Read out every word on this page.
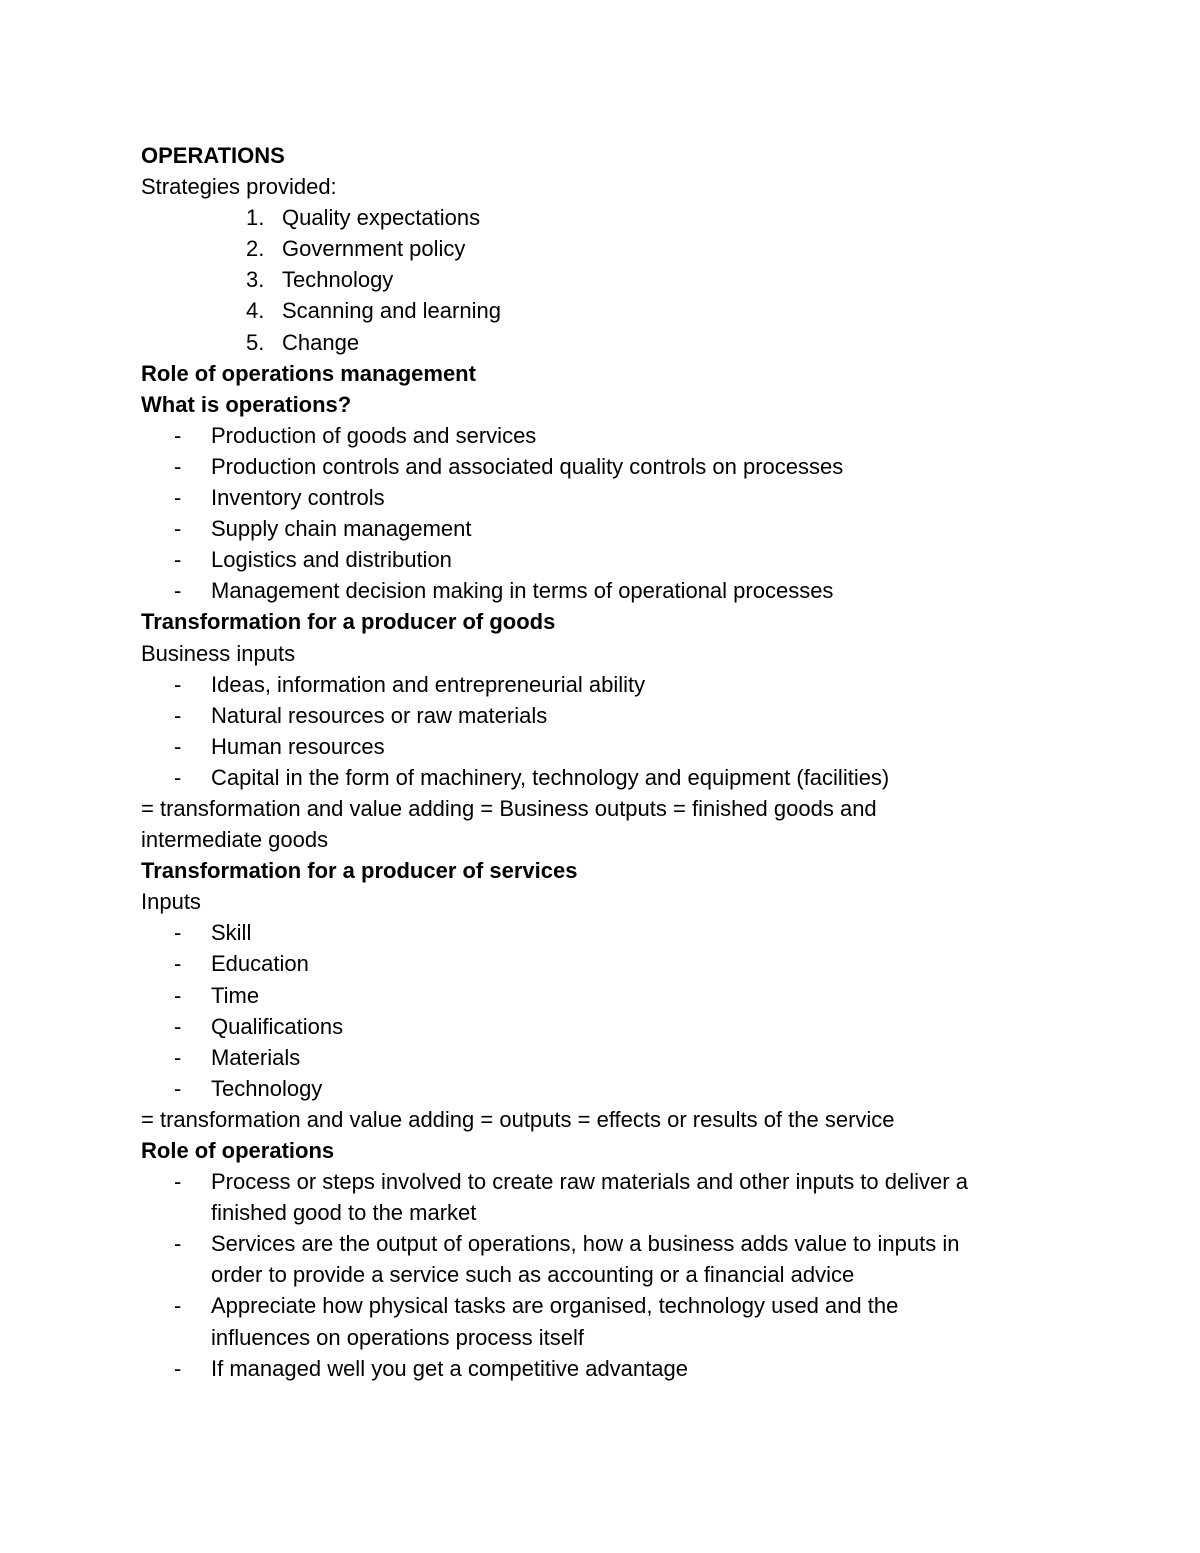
OPERATIONS

Strategies provided:

1. Quality expectations
2. Government policy
3. Technology
4. Scanning and learning
5. Change

Role of operations management

What is operations?

- Production of goods and services
- Production controls and associated quality controls on processes
- Inventory controls
- Supply chain management
- Logistics and distribution
- Management decision making in terms of operational processes

Transformation for a producer of goods

Business inputs

- Ideas, information and entrepreneurial ability
- Natural resources or raw materials
- Human resources
- Capital in the form of machinery, technology and equipment (facilities)

= transformation and value adding = Business outputs = finished goods and

intermediate goods

Transformation for a producer of services

Inputs

- Skill
- Education
- Time
- Qualifications
- Materials
- Technology

= transformation and value adding = outputs = effects or results of the service

Role of operations

- Process or steps involved to create raw materials and other inputs to deliver a
finished good to the market
- Services are the output of operations, how a business adds value to inputs in
order to provide a service such as accounting or a financial advice
- Appreciate how physical tasks are organised, technology used and the
influences on operations process itself
- If managed well you get a competitive advantage
